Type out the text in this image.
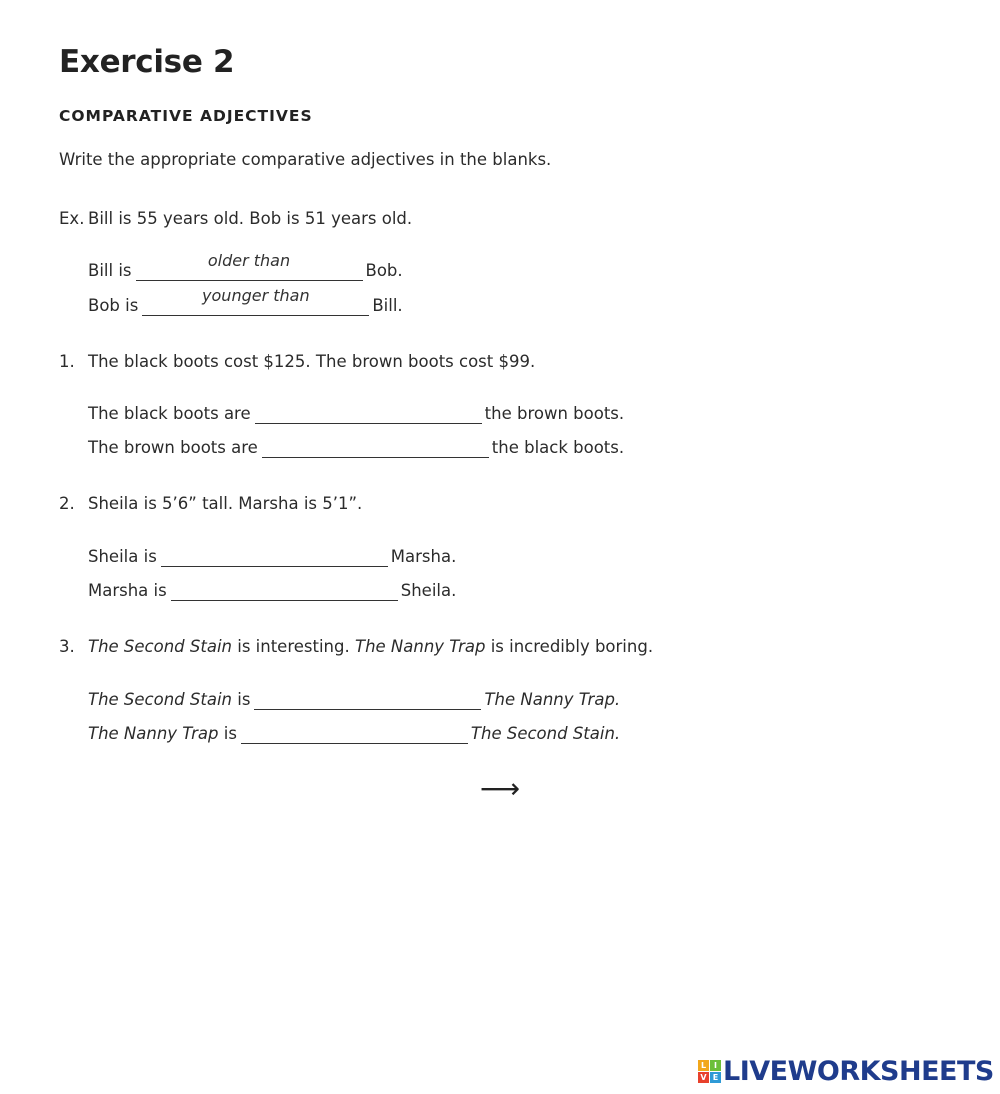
Exercise 2
COMPARATIVE ADJECTIVES
Write the appropriate comparative adjectives in the blanks.
Ex. Bill is 55 years old. Bob is 51 years old.
Bill is
older than
Bob.
Bob is
younger than
Bill.
1. The black boots cost $125. The brown boots cost $99.
The black boots are	the brown boots.
The brown boots are	the black boots.
2. Sheila is 5’6” tall. Marsha is 5’1”.
Sheila is	Marsha.
Marsha is	Sheila.
3. The Second Stain is interesting. The Nanny Trap is incredibly boring.
The Second Stain is	The Nanny Trap.
The Nanny Trap is	The Second Stain.
⟶
L I
V E LIVEWORKSHEETS
